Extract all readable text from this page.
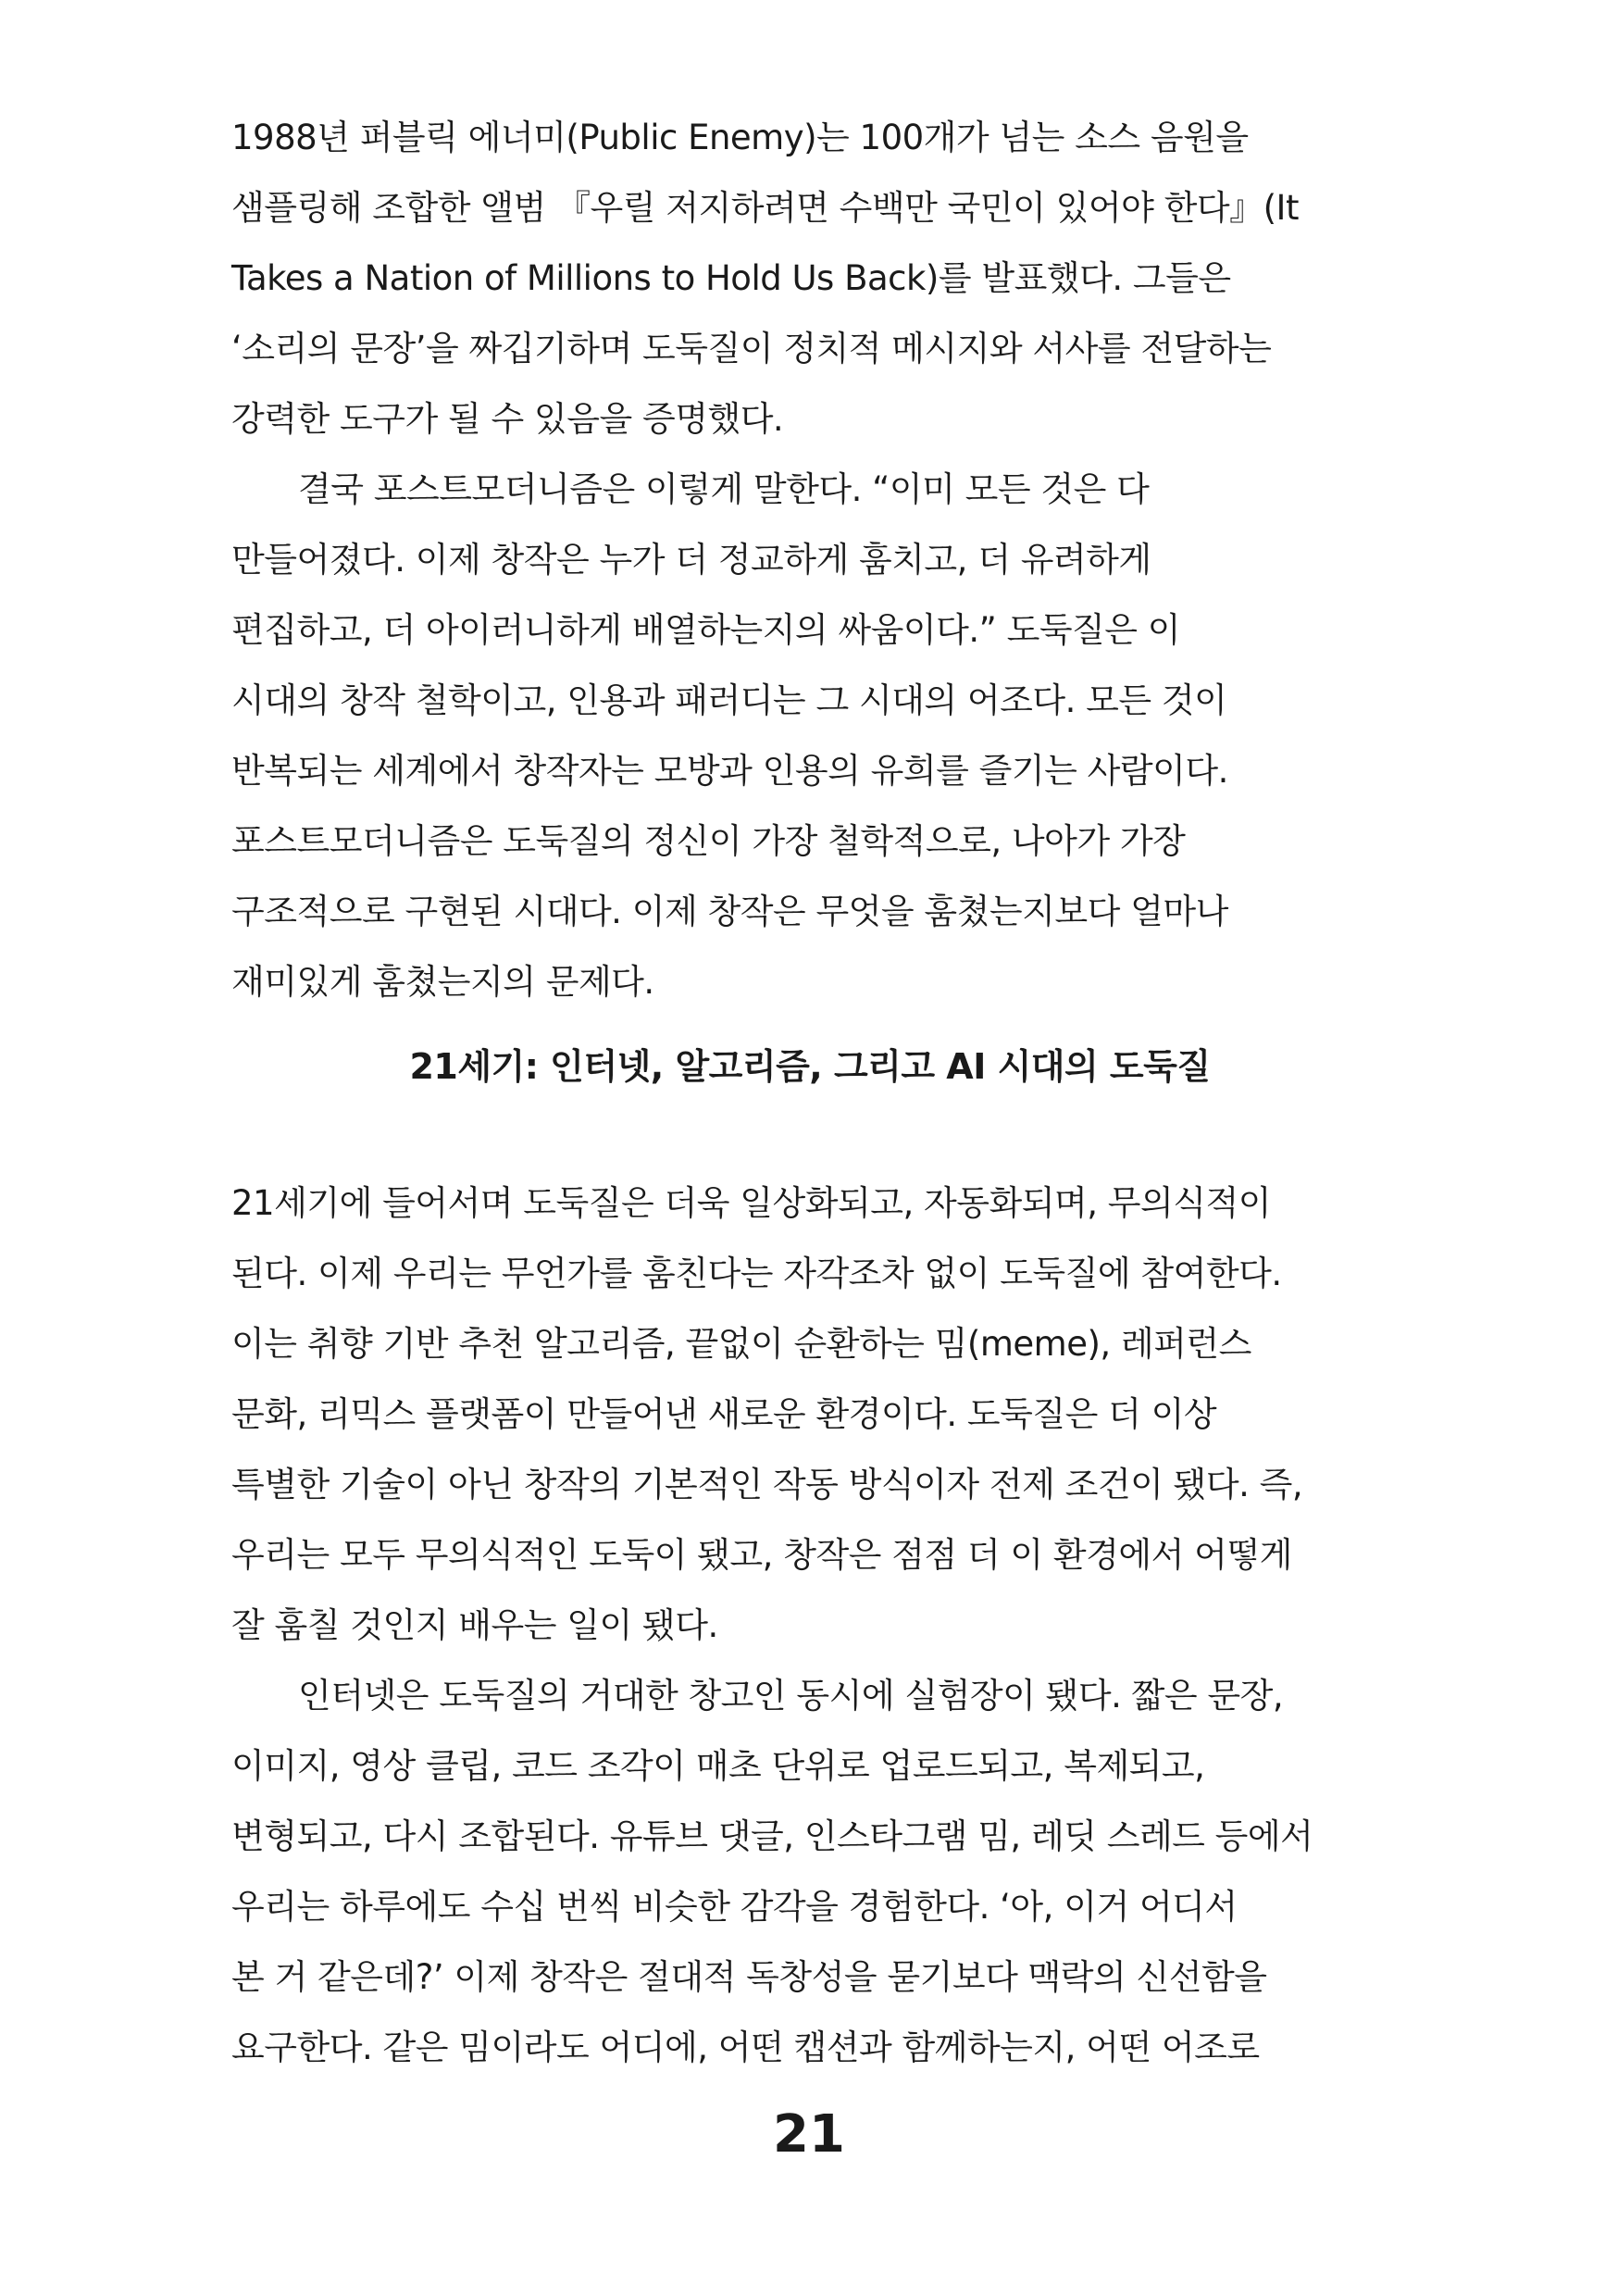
1988년 퍼블릭 에너미(Public Enemy)는 100개가 넘는 소스 음원을
샘플링해 조합한 앨범 『우릴 저지하려면 수백만 국민이 있어야 한다』(It
Takes a Nation of Millions to Hold Us Back)를 발표했다. 그들은
‘소리의 문장’을 짜깁기하며 도둑질이 정치적 메시지와 서사를 전달하는
강력한 도구가 될 수 있음을 증명했다.
결국 포스트모더니즘은 이렇게 말한다. “이미 모든 것은 다
만들어졌다. 이제 창작은 누가 더 정교하게 훔치고, 더 유려하게
편집하고, 더 아이러니하게 배열하는지의 싸움이다.” 도둑질은 이
시대의 창작 철학이고, 인용과 패러디는 그 시대의 어조다. 모든 것이
반복되는 세계에서 창작자는 모방과 인용의 유희를 즐기는 사람이다.
포스트모더니즘은 도둑질의 정신이 가장 철학적으로, 나아가 가장
구조적으로 구현된 시대다. 이제 창작은 무엇을 훔쳤는지보다 얼마나
재미있게 훔쳤는지의 문제다.
21세기: 인터넷, 알고리즘, 그리고 AI 시대의 도둑질
21세기에 들어서며 도둑질은 더욱 일상화되고, 자동화되며, 무의식적이
된다. 이제 우리는 무언가를 훔친다는 자각조차 없이 도둑질에 참여한다.
이는 취향 기반 추천 알고리즘, 끝없이 순환하는 밈(meme), 레퍼런스
문화, 리믹스 플랫폼이 만들어낸 새로운 환경이다. 도둑질은 더 이상
특별한 기술이 아닌 창작의 기본적인 작동 방식이자 전제 조건이 됐다. 즉,
우리는 모두 무의식적인 도둑이 됐고, 창작은 점점 더 이 환경에서 어떻게
잘 훔칠 것인지 배우는 일이 됐다.
인터넷은 도둑질의 거대한 창고인 동시에 실험장이 됐다. 짧은 문장,
이미지, 영상 클립, 코드 조각이 매초 단위로 업로드되고, 복제되고,
변형되고, 다시 조합된다. 유튜브 댓글, 인스타그램 밈, 레딧 스레드 등에서
우리는 하루에도 수십 번씩 비슷한 감각을 경험한다. ‘아, 이거 어디서
본 거 같은데?’ 이제 창작은 절대적 독창성을 묻기보다 맥락의 신선함을
요구한다. 같은 밈이라도 어디에, 어떤 캡션과 함께하는지, 어떤 어조로
21
